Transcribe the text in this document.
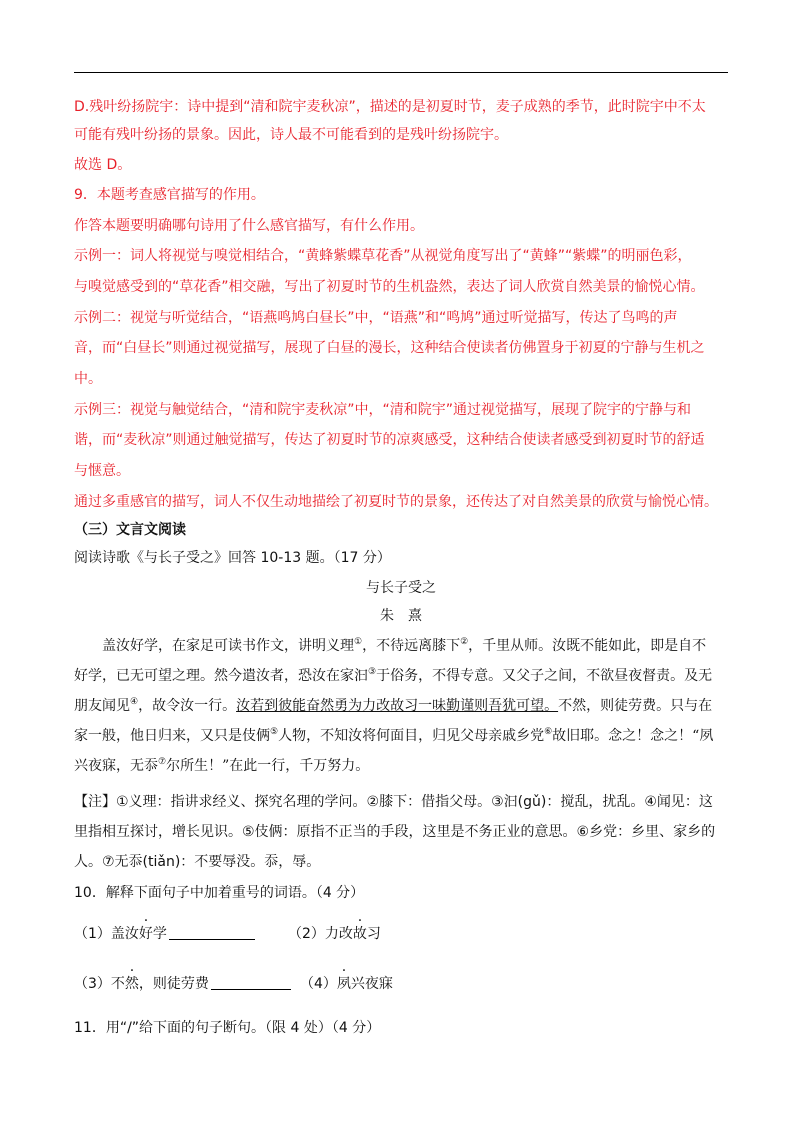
D.残叶纷扬院宇：诗中提到“清和院宇麦秋凉”，描述的是初夏时节，麦子成熟的季节，此时院宇中不太
可能有残叶纷扬的景象。因此，诗人最不可能看到的是残叶纷扬院宇。
故选 D。
9．本题考查感官描写的作用。
作答本题要明确哪句诗用了什么感官描写，有什么作用。
示例一：词人将视觉与嗅觉相结合，“黄蜂紫蝶草花香”从视觉角度写出了“黄蜂”“紫蝶”的明丽色彩，
与嗅觉感受到的“草花香”相交融，写出了初夏时节的生机盎然，表达了词人欣赏自然美景的愉悦心情。
示例二：视觉与听觉结合，“语燕鸣鸠白昼长”中，“语燕”和“鸣鸠”通过听觉描写，传达了鸟鸣的声
音，而“白昼长”则通过视觉描写，展现了白昼的漫长，这种结合使读者仿佛置身于初夏的宁静与生机之
中。
示例三：视觉与触觉结合，“清和院宇麦秋凉”中，“清和院宇”通过视觉描写，展现了院宇的宁静与和
谐，而“麦秋凉”则通过触觉描写，传达了初夏时节的凉爽感受，这种结合使读者感受到初夏时节的舒适
与惬意。
通过多重感官的描写，词人不仅生动地描绘了初夏时节的景象，还传达了对自然美景的欣赏与愉悦心情。
（三）文言文阅读
阅读诗歌《与长子受之》回答 10-13 题。（17 分）
与长子受之
朱　熹
盖汝好学，在家足可读书作文，讲明义理①，不待远离膝下②，千里从师。汝既不能如此，即是自不
好学，已无可望之理。然今遣汝者，恐汝在家汩③于俗务，不得专意。又父子之间，不欲昼夜督责。及无
朋友闻见④，故令汝一行。汝若到彼能奋然勇为力改故习一味勤谨则吾犹可望。不然，则徒劳费。只与在
家一般，他日归来，又只是伎俩⑤人物，不知汝将何面目，归见父母亲戚乡党⑥故旧耶。念之！念之！“夙
兴夜寐，无忝⑦尔所生！”在此一行，千万努力。
【注】①义理：指讲求经义、探究名理的学问。②膝下：借指父母。③汩(gǔ)：搅乱，扰乱。④闻见：这
里指相互探讨，增长见识。⑤伎俩：原指不正当的手段，这里是不务正业的意思。⑥乡党：乡里、家乡的
人。⑦无忝(tiǎn)：不要辱没。忝，辱。
10．解释下面句子中加着重号的词语。（4 分）
（1）盖汝好学	（2）力改故习
（3）不然，则徒劳费	（4）夙兴夜寐
11．用“/”给下面的句子断句。（限 4 处）（4 分）
